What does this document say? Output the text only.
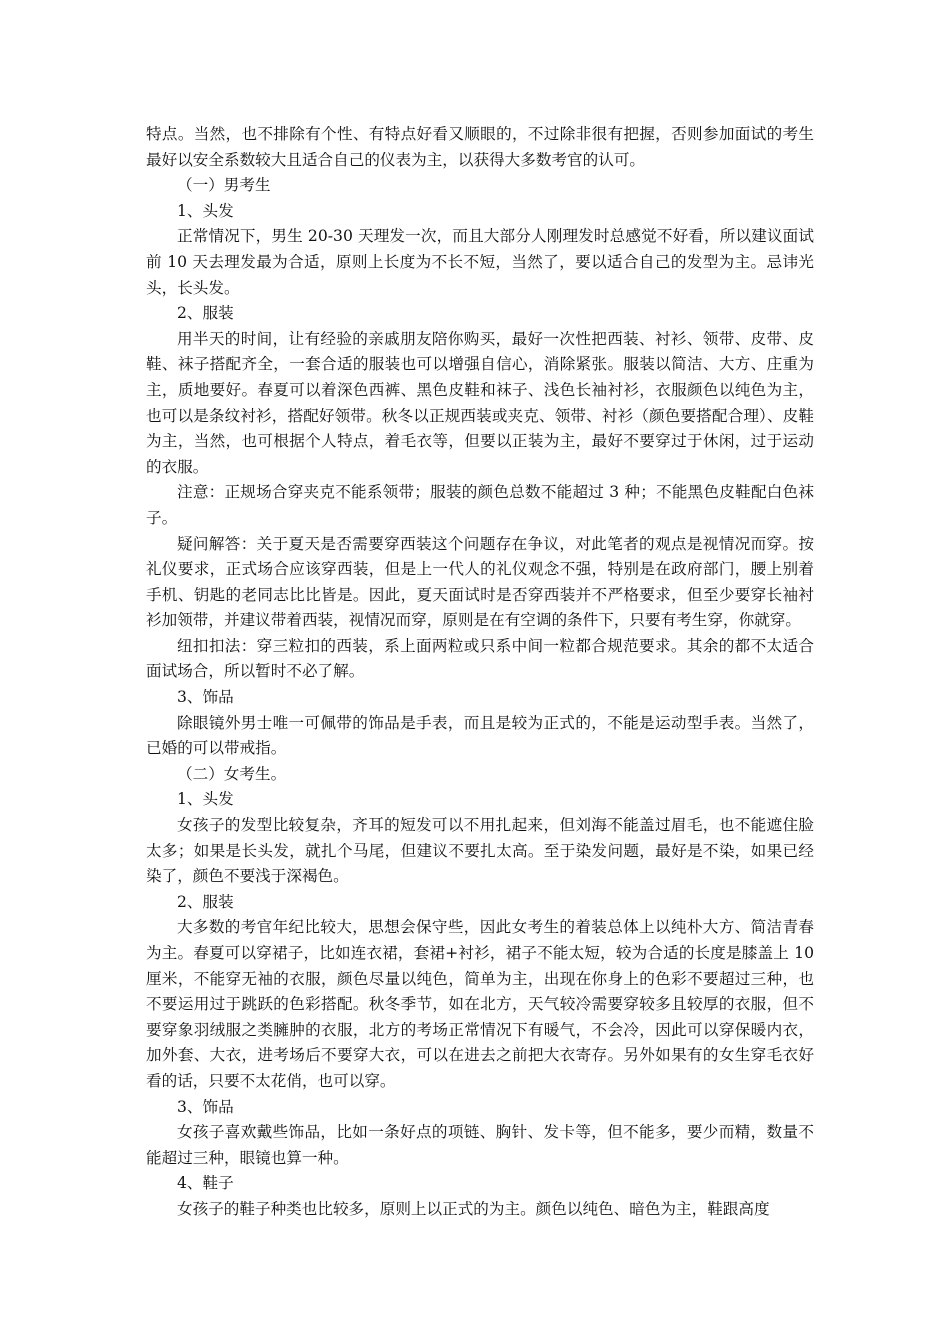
特点。当然，也不排除有个性、有特点好看又顺眼的，不过除非很有把握，否则参加面试的考生最好以安全系数较大且适合自己的仪表为主，以获得大多数考官的认可。

（一）男考生

1、头发

正常情况下，男生 20-30 天理发一次，而且大部分人刚理发时总感觉不好看，所以建议面试前 10 天去理发最为合适，原则上长度为不长不短，当然了，要以适合自己的发型为主。忌讳光头，长头发。

2、服装

用半天的时间，让有经验的亲戚朋友陪你购买，最好一次性把西装、衬衫、领带、皮带、皮鞋、袜子搭配齐全，一套合适的服装也可以增强自信心，消除紧张。服装以简洁、大方、庄重为主，质地要好。春夏可以着深色西裤、黑色皮鞋和袜子、浅色长袖衬衫，衣服颜色以纯色为主，也可以是条纹衬衫，搭配好领带。秋冬以正规西装或夹克、领带、衬衫（颜色要搭配合理）、皮鞋为主，当然，也可根据个人特点，着毛衣等，但要以正装为主，最好不要穿过于休闲，过于运动的衣服。

注意：正规场合穿夹克不能系领带；服装的颜色总数不能超过 3 种；不能黑色皮鞋配白色袜子。

疑问解答：关于夏天是否需要穿西装这个问题存在争议，对此笔者的观点是视情况而穿。按礼仪要求，正式场合应该穿西装，但是上一代人的礼仪观念不强，特别是在政府部门，腰上别着手机、钥匙的老同志比比皆是。因此，夏天面试时是否穿西装并不严格要求，但至少要穿长袖衬衫加领带，并建议带着西装，视情况而穿，原则是在有空调的条件下，只要有考生穿，你就穿。

纽扣扣法：穿三粒扣的西装，系上面两粒或只系中间一粒都合规范要求。其余的都不太适合面试场合，所以暂时不必了解。

3、饰品

除眼镜外男士唯一可佩带的饰品是手表，而且是较为正式的，不能是运动型手表。当然了，已婚的可以带戒指。

（二）女考生。

1、头发

女孩子的发型比较复杂，齐耳的短发可以不用扎起来，但刘海不能盖过眉毛，也不能遮住脸太多；如果是长头发，就扎个马尾，但建议不要扎太高。至于染发问题，最好是不染，如果已经染了，颜色不要浅于深褐色。

2、服装

大多数的考官年纪比较大，思想会保守些，因此女考生的着装总体上以纯朴大方、简洁青春为主。春夏可以穿裙子，比如连衣裙，套裙+衬衫，裙子不能太短，较为合适的长度是膝盖上 10 厘米，不能穿无袖的衣服，颜色尽量以纯色，简单为主，出现在你身上的色彩不要超过三种，也不要运用过于跳跃的色彩搭配。秋冬季节，如在北方，天气较冷需要穿较多且较厚的衣服，但不要穿象羽绒服之类臃肿的衣服，北方的考场正常情况下有暖气，不会冷，因此可以穿保暖内衣，加外套、大衣，进考场后不要穿大衣，可以在进去之前把大衣寄存。另外如果有的女生穿毛衣好看的话，只要不太花俏，也可以穿。

3、饰品

女孩子喜欢戴些饰品，比如一条好点的项链、胸针、发卡等，但不能多，要少而精，数量不能超过三种，眼镜也算一种。

4、鞋子

女孩子的鞋子种类也比较多，原则上以正式的为主。颜色以纯色、暗色为主，鞋跟高度
